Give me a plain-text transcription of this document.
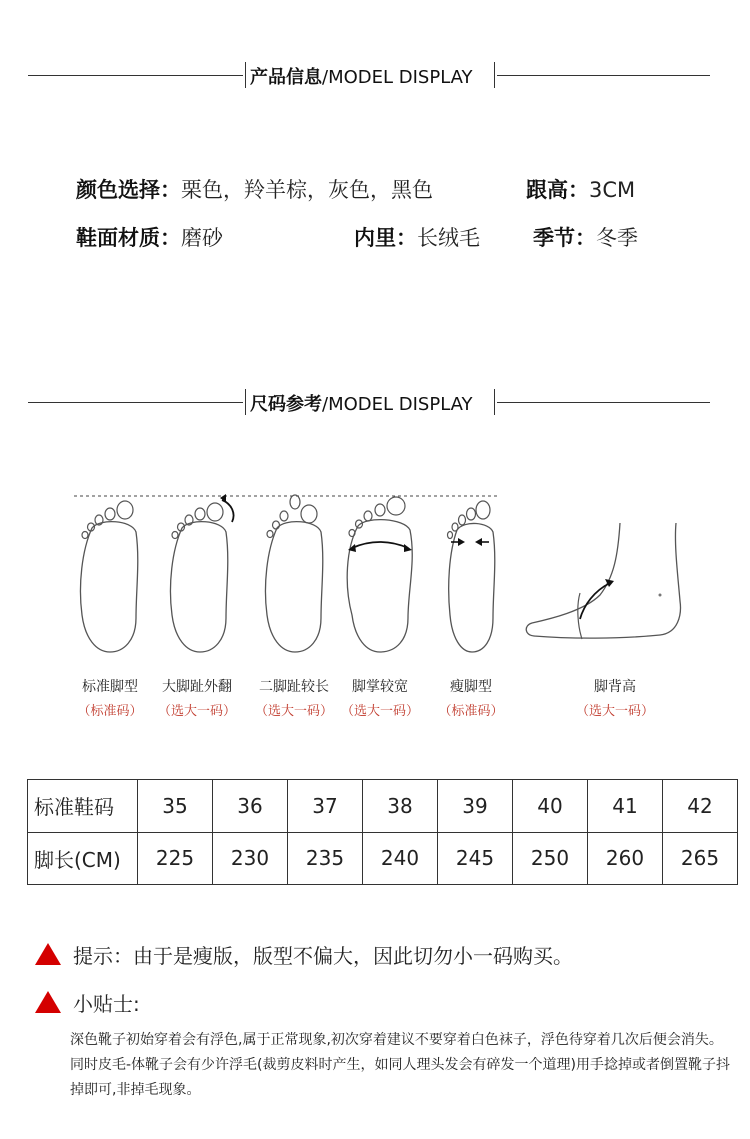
产品信息/MODEL DISPLAY
颜色选择：栗色，羚羊棕，灰色，黑色	跟高：3CM
鞋面材质：磨砂	内里：长绒毛	季节：冬季
尺码参考/MODEL DISPLAY
标准脚型
（标准码）
大脚趾外翻
（选大一码）
二脚趾较长
（选大一码）
脚掌较宽
（选大一码）
瘦脚型
（标准码）
脚背高
（选大一码）
标准鞋码	35	36	37	38	39	40	41	42
脚长(CM)	225	230	235	240	245	250	260	265
提示：由于是瘦版，版型不偏大，因此切勿小一码购买。
小贴士:
深色靴子初始穿着会有浮色,属于正常现象,初次穿着建议不要穿着白色袜子，浮色待穿着几次后便会消失。同时皮毛-体靴子会有少许浮毛(裁剪皮料时产生，如同人理头发会有碎发一个道理)用手捻掉或者倒置靴子抖掉即可,非掉毛现象。
